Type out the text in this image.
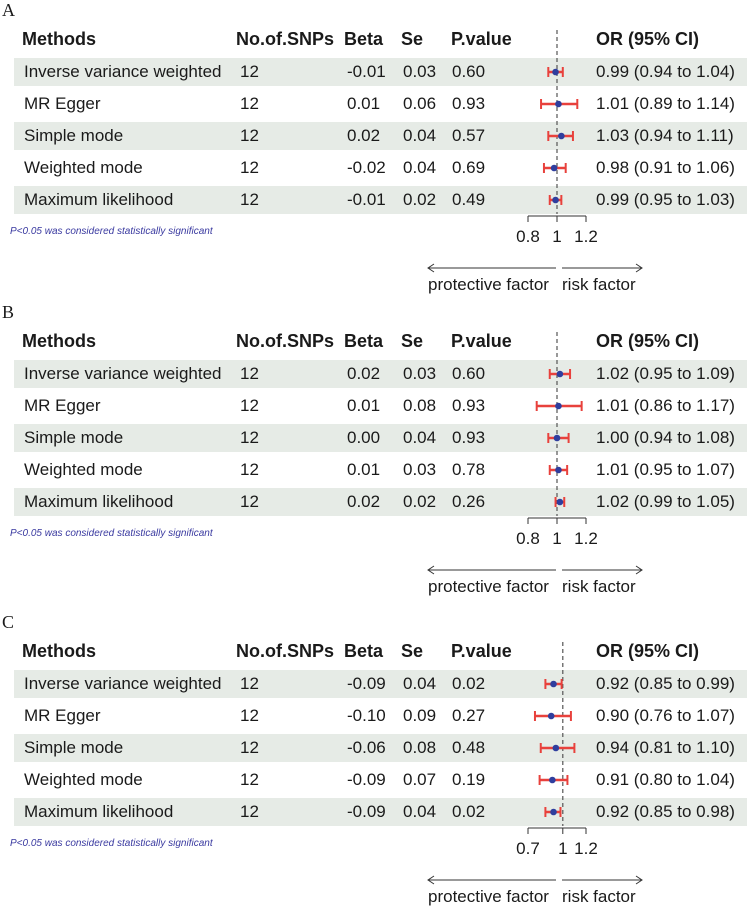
A
Methods	No.of.SNPs Beta Se P.value	OR (95% CI)
Inverse variance weighted 12	-0.01 0.03 0.60	0.99 (0.94 to 1.04)
MR Egger	12	0.01 0.06 0.93	1.01 (0.89 to 1.14)
Simple mode	12	0.02 0.04 0.57	1.03 (0.94 to 1.11)
Weighted mode	12	-0.02 0.04 0.69	0.98 (0.91 to 1.06)
Maximum likelihood	12	-0.01 0.02 0.49	0.99 (0.95 to 1.03)
0.8 1 1.2
protective factor risk factor
P<0.05 was considered statistically significant
B
Methods	No.of.SNPs Beta Se P.value	OR (95% CI)
Inverse variance weighted 12	0.02 0.03 0.60	1.02 (0.95 to 1.09)
MR Egger	12	0.01 0.08 0.93	1.01 (0.86 to 1.17)
Simple mode	12	0.00 0.04 0.93	1.00 (0.94 to 1.08)
Weighted mode	12	0.01 0.03 0.78	1.01 (0.95 to 1.07)
Maximum likelihood	12	0.02 0.02 0.26	1.02 (0.99 to 1.05)
0.8 1 1.2
protective factor risk factor
P<0.05 was considered statistically significant
C
Methods	No.of.SNPs Beta Se P.value	OR (95% CI)
Inverse variance weighted 12	-0.09 0.04 0.02	0.92 (0.85 to 0.99)
MR Egger	12	-0.10 0.09 0.27	0.90 (0.76 to 1.07)
Simple mode	12	-0.06 0.08 0.48	0.94 (0.81 to 1.10)
Weighted mode	12	-0.09 0.07 0.19	0.91 (0.80 to 1.04)
Maximum likelihood	12	-0.09 0.04 0.02	0.92 (0.85 to 0.98)
0.7 1 1.2
protective factor risk factor
P<0.05 was considered statistically significant
